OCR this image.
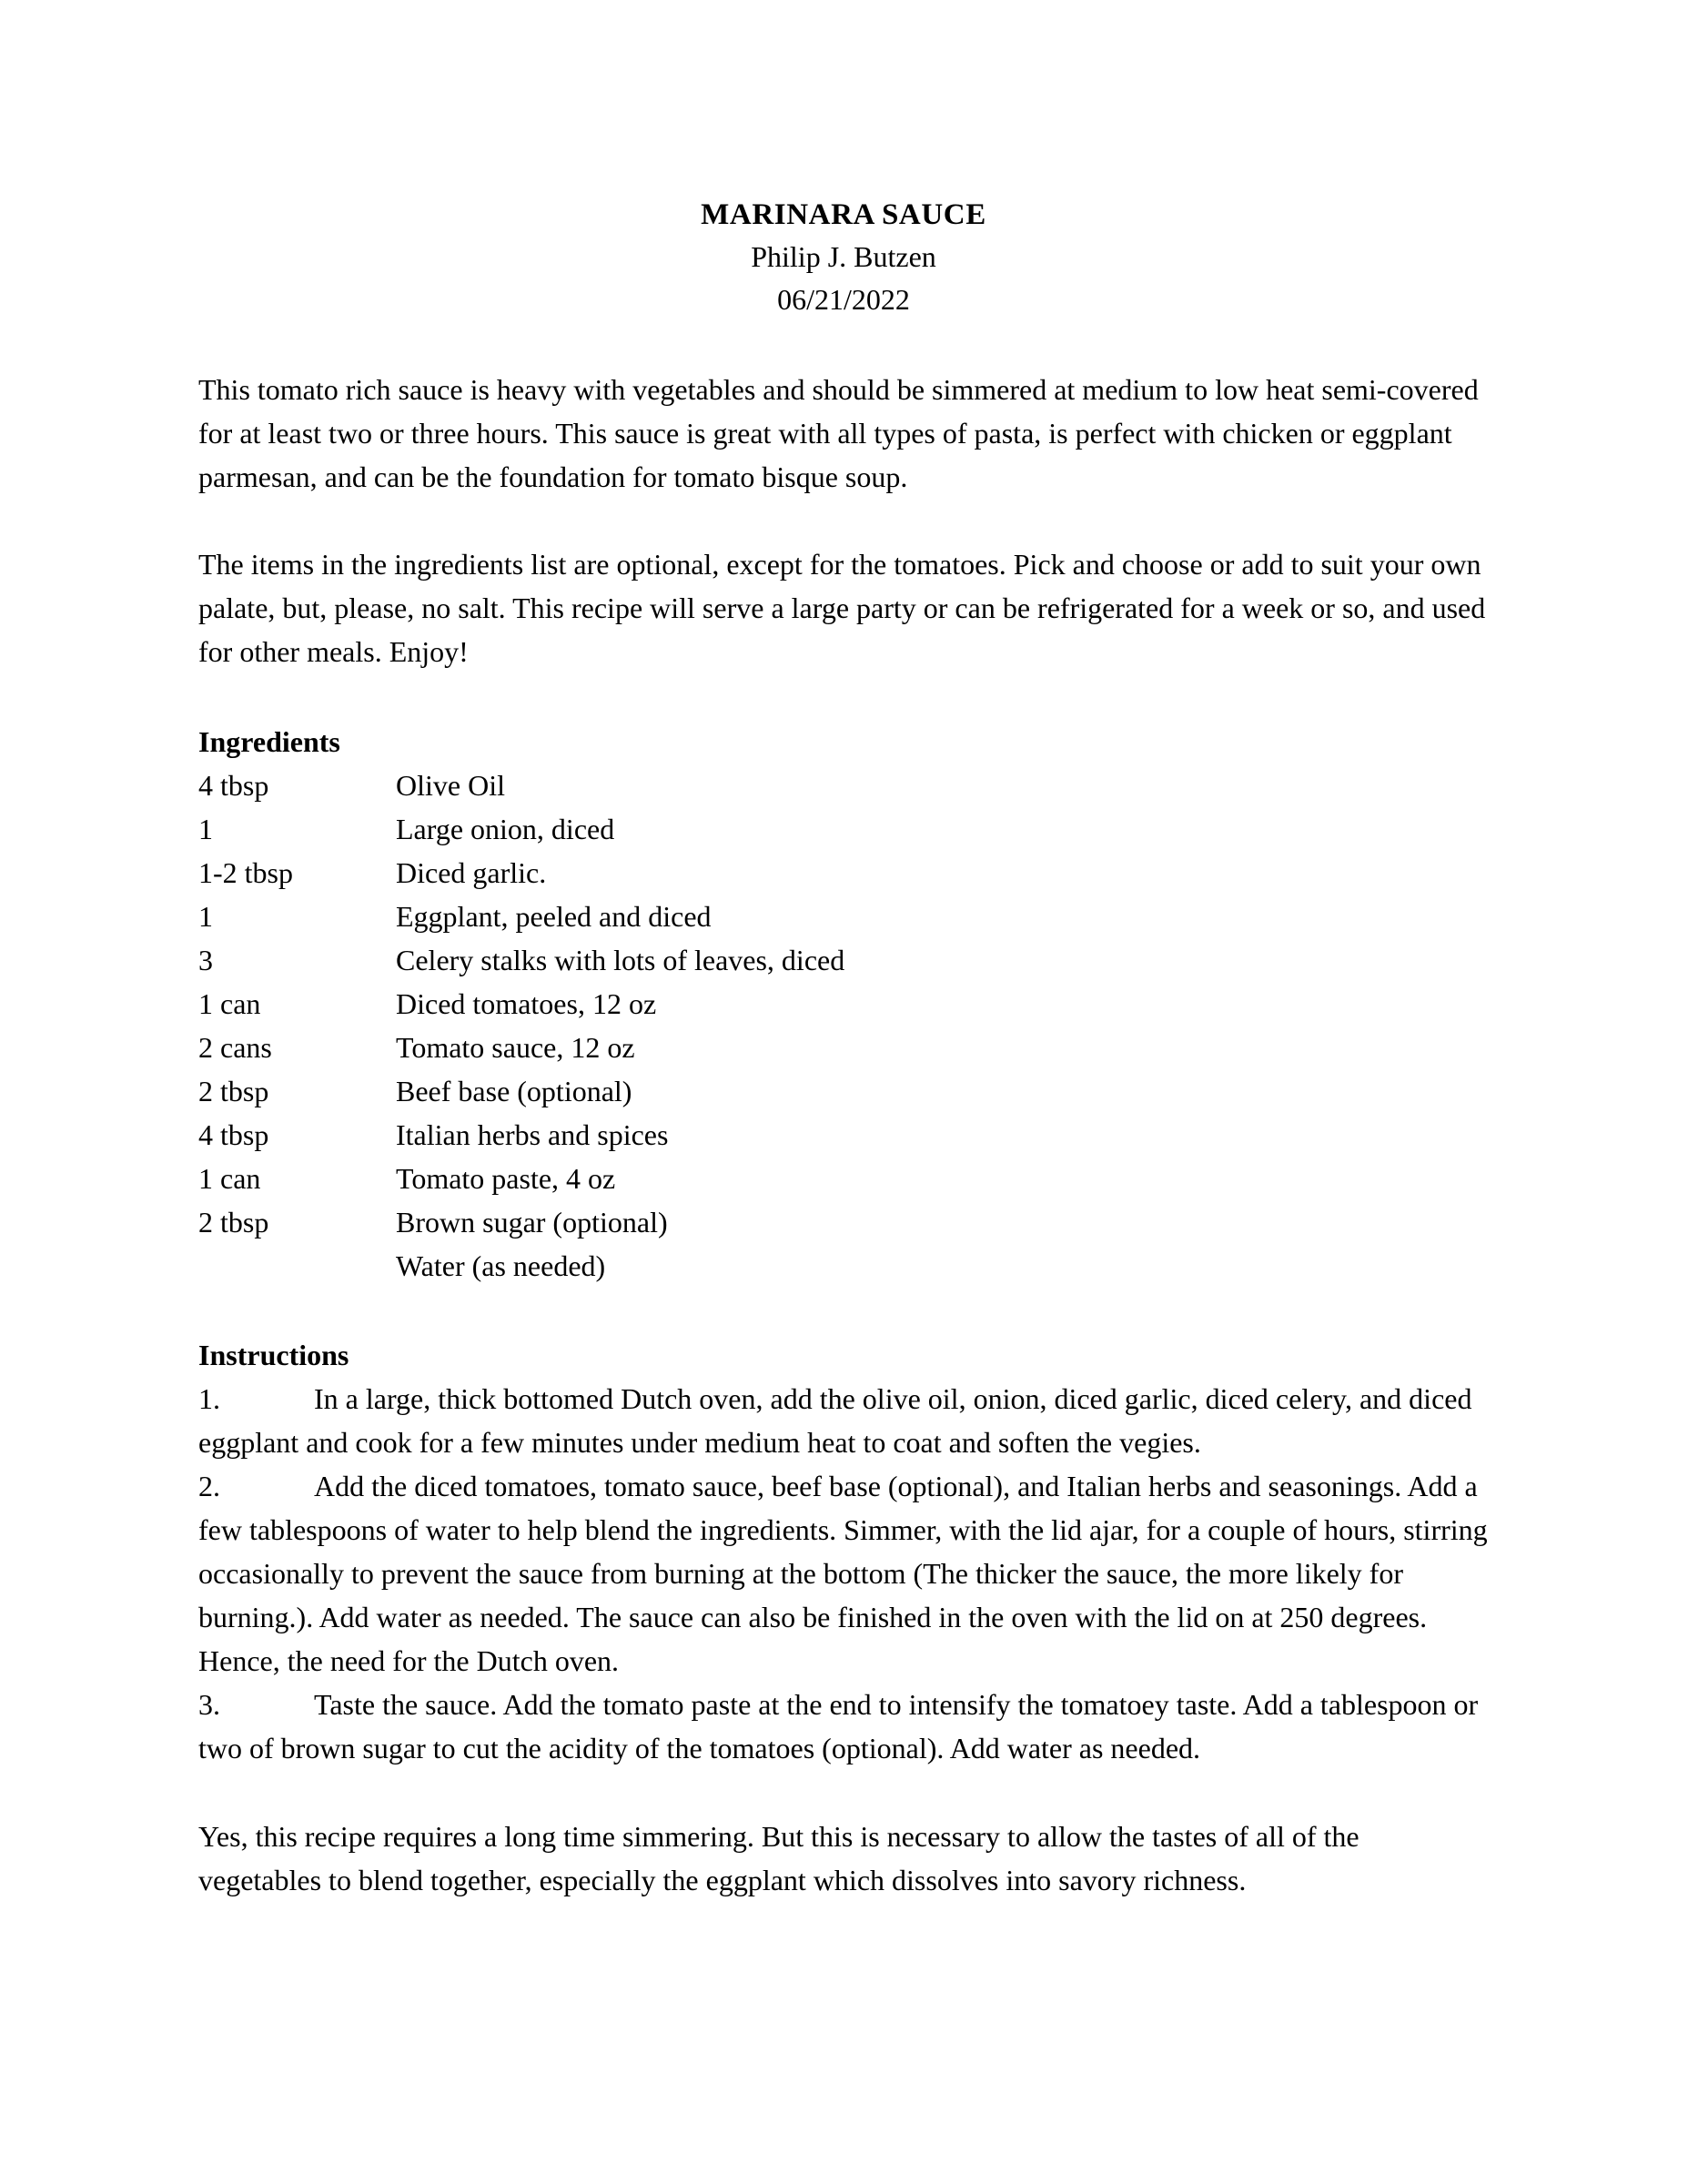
MARINARA SAUCE
Philip J. Butzen
06/21/2022

This tomato rich sauce is heavy with vegetables and should be simmered at medium to low heat semi-covered for at least two or three hours. This sauce is great with all types of pasta, is perfect with chicken or eggplant parmesan, and can be the foundation for tomato bisque soup.

The items in the ingredients list are optional, except for the tomatoes. Pick and choose or add to suit your own palate, but, please, no salt. This recipe will serve a large party or can be refrigerated for a week or so, and used for other meals. Enjoy!

Ingredients
4 tbsp	Olive Oil
1	Large onion, diced
1-2 tbsp	Diced garlic.
1	Eggplant, peeled and diced
3	Celery stalks with lots of leaves, diced
1 can	Diced tomatoes, 12 oz
2 cans	Tomato sauce, 12 oz
2 tbsp	Beef base (optional)
4 tbsp	Italian herbs and spices
1 can	Tomato paste, 4 oz
2 tbsp	Brown sugar (optional)
Water (as needed)
Instructions
1.	In a large, thick bottomed Dutch oven, add the olive oil, onion, diced garlic, diced celery, and diced eggplant and cook for a few minutes under medium heat to coat and soften the vegies.
2.	Add the diced tomatoes, tomato sauce, beef base (optional), and Italian herbs and seasonings. Add a few tablespoons of water to help blend the ingredients. Simmer, with the lid ajar, for a couple of hours, stirring occasionally to prevent the sauce from burning at the bottom (The thicker the sauce, the more likely for burning.). Add water as needed. The sauce can also be finished in the oven with the lid on at 250 degrees. Hence, the need for the Dutch oven.
3.	Taste the sauce. Add the tomato paste at the end to intensify the tomatoey taste. Add a tablespoon or two of brown sugar to cut the acidity of the tomatoes (optional). Add water as needed.

Yes, this recipe requires a long time simmering. But this is necessary to allow the tastes of all of the vegetables to blend together, especially the eggplant which dissolves into savory richness.
